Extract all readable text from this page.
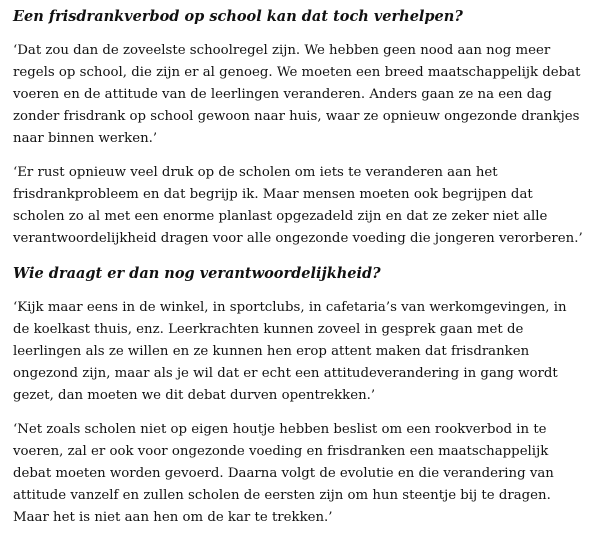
Een frisdrankverbod op school kan dat toch verhelpen?

‘Dat zou dan de zoveelste schoolregel zijn. We hebben geen nood aan nog meer regels op school, die zijn er al genoeg. We moeten een breed maatschappelijk debat voeren en de attitude van de leerlingen veranderen. Anders gaan ze na een dag zonder frisdrank op school gewoon naar huis, waar ze opnieuw ongezonde drankjes naar binnen werken.’

‘Er rust opnieuw veel druk op de scholen om iets te veranderen aan het frisdrankprobleem en dat begrijp ik. Maar mensen moeten ook begrijpen dat scholen zo al met een enorme planlast opgezadeld zijn en dat ze zeker niet alle verantwoordelijkheid dragen voor alle ongezonde voeding die jongeren verorberen.’

Wie draagt er dan nog verantwoordelijkheid?

‘Kijk maar eens in de winkel, in sportclubs, in cafetaria’s van werkomgevingen, in de koelkast thuis, enz. Leerkrachten kunnen zoveel in gesprek gaan met de leerlingen als ze willen en ze kunnen hen erop attent maken dat frisdranken ongezond zijn, maar als je wil dat er echt een attitudeverandering in gang wordt gezet, dan moeten we dit debat durven opentrekken.’

‘Net zoals scholen niet op eigen houtje hebben beslist om een rookverbod in te voeren, zal er ook voor ongezonde voeding en frisdranken een maatschappelijk debat moeten worden gevoerd. Daarna volgt de evolutie en die verandering van attitude vanzelf en zullen scholen de eersten zijn om hun steentje bij te dragen. Maar het is niet aan hen om de kar te trekken.’
